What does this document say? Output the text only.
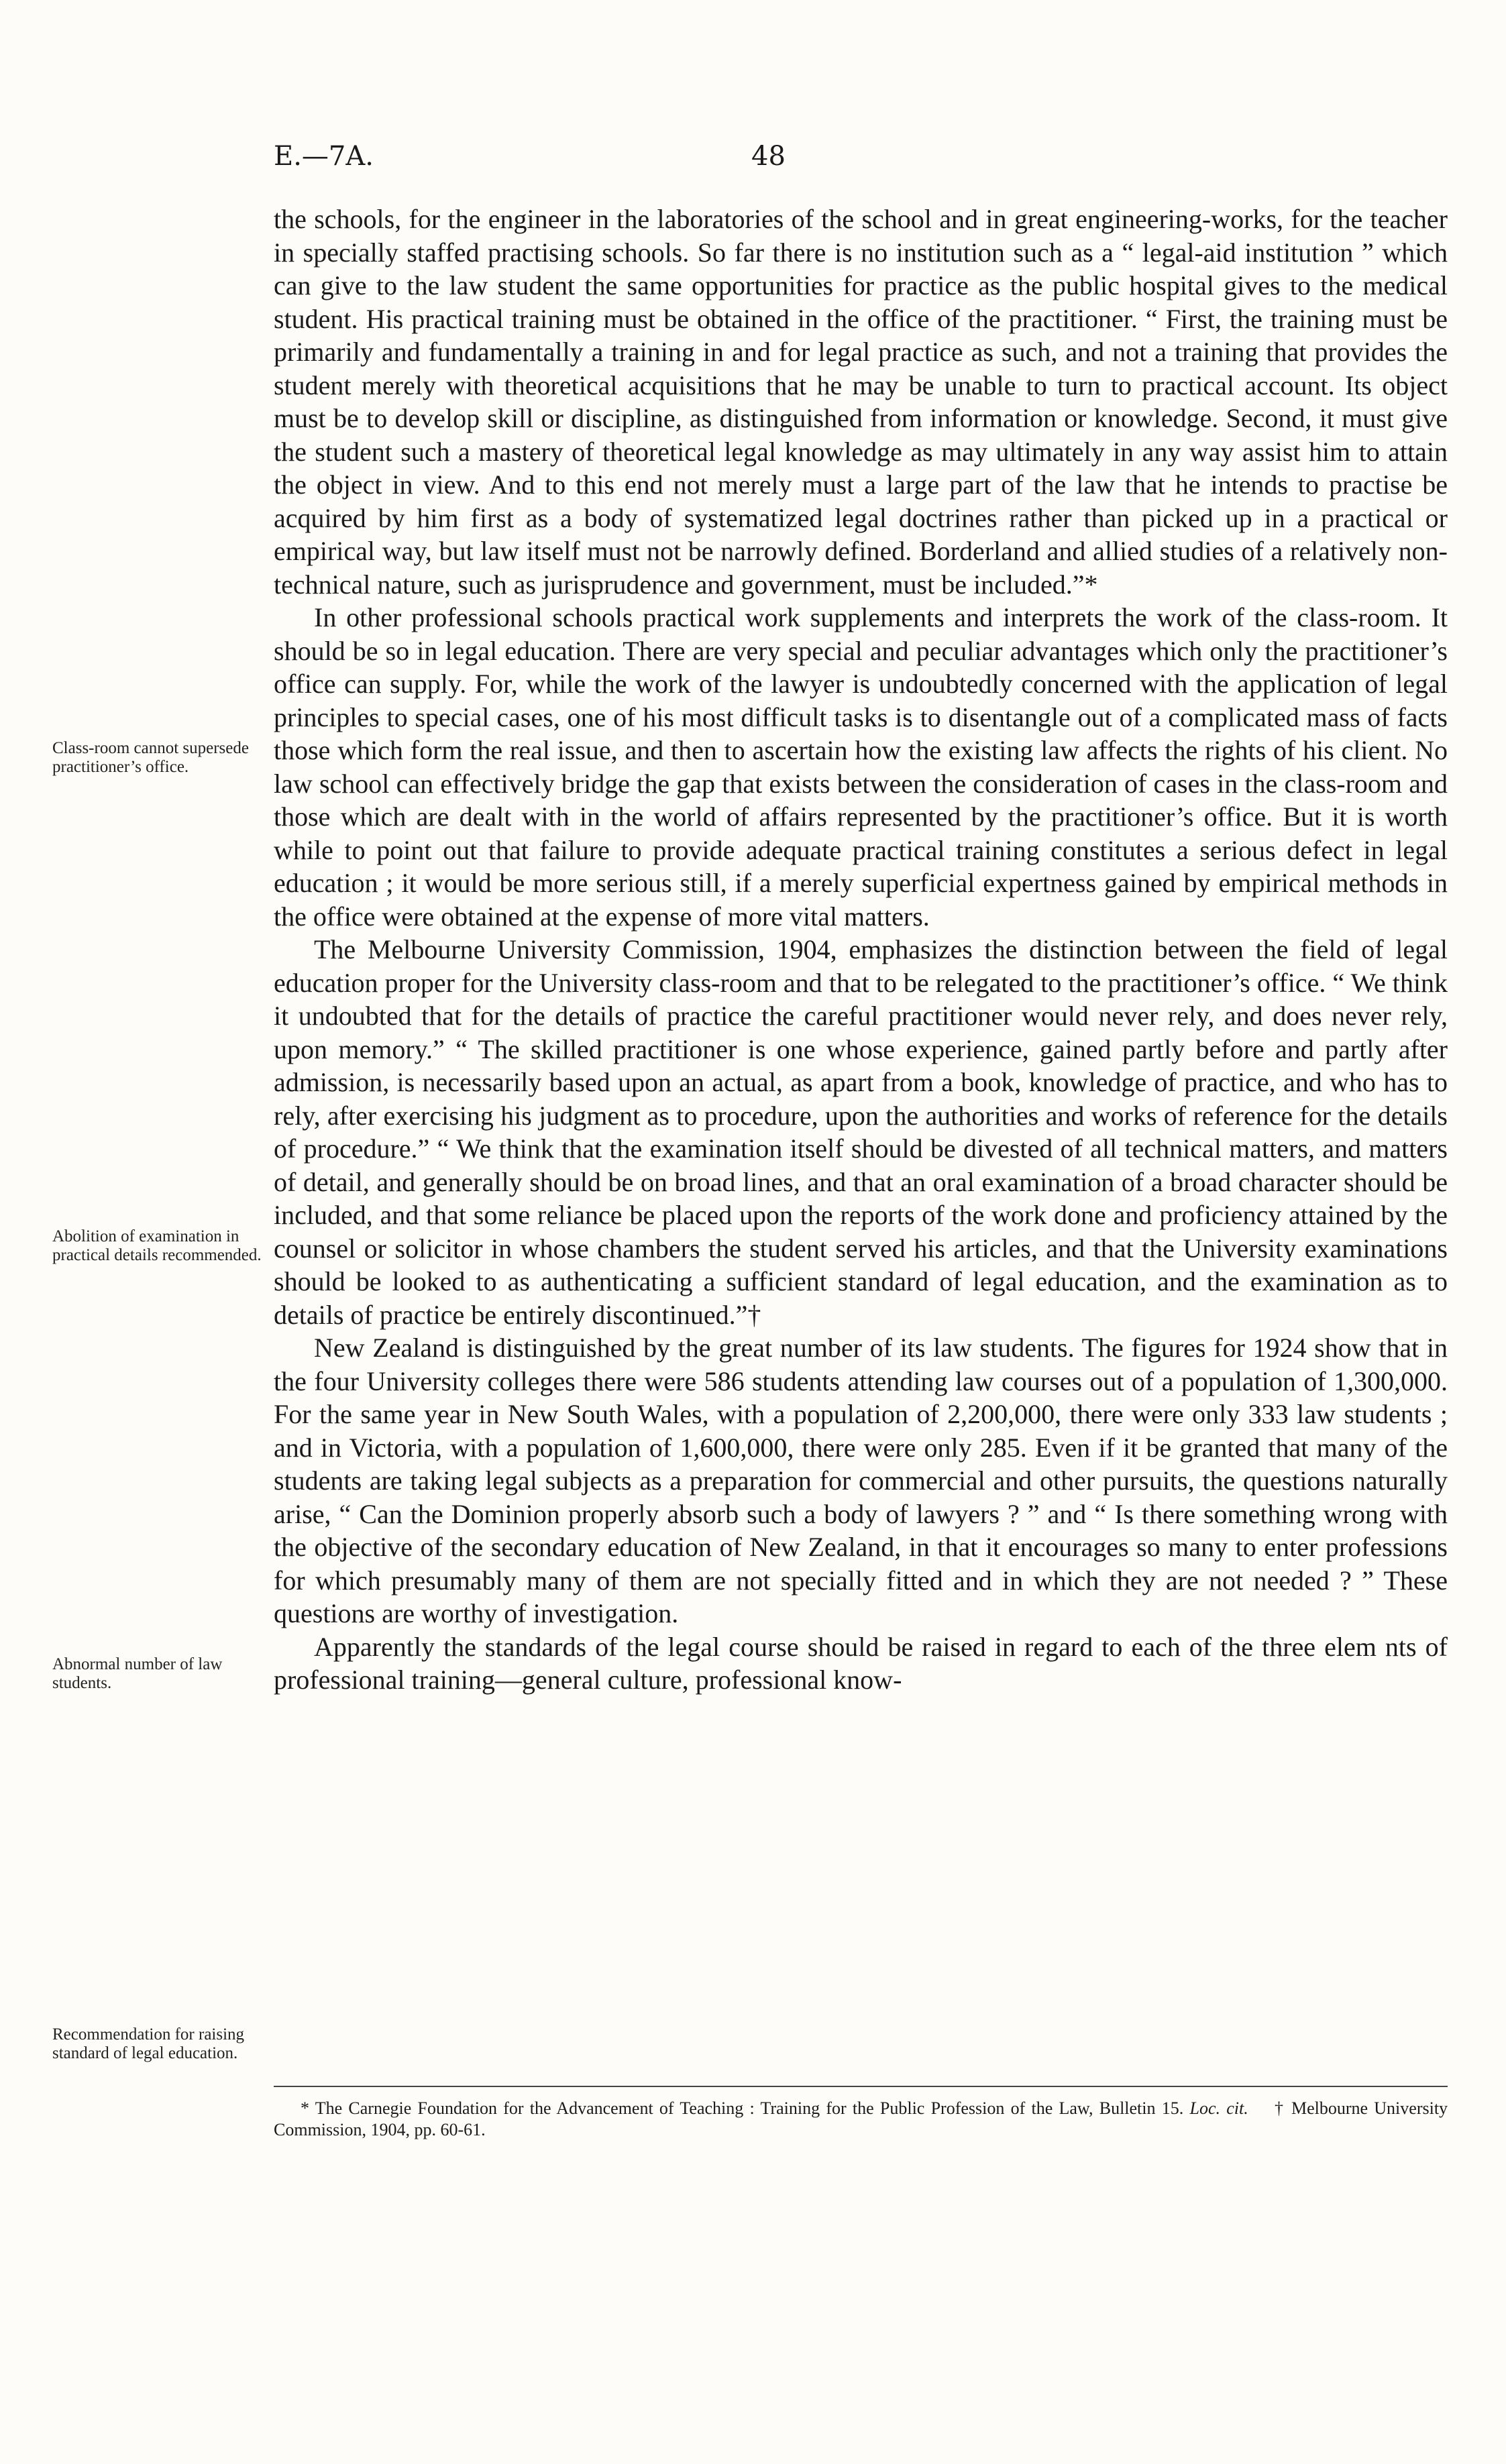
E.—7A.	48

the schools, for the engineer in the laboratories of the school and in great engineering-works, for the teacher in specially staffed practising schools. So far there is no institution such as a “ legal-aid institution ” which can give to the law student the same opportunities for practice as the public hospital gives to the medical student. His practical training must be obtained in the office of the practitioner. “ First, the training must be primarily and fundamentally a training in and for legal practice as such, and not a training that provides the student merely with theoretical acquisitions that he may be unable to turn to practical account. Its object must be to develop skill or discipline, as distinguished from information or knowledge. Second, it must give the student such a mastery of theoretical legal knowledge as may ultimately in any way assist him to attain the object in view. And to this end not merely must a large part of the law that he intends to practise be acquired by him first as a body of systematized legal doctrines rather than picked up in a practical or empirical way, but law itself must not be narrowly defined. Borderland and allied studies of a relatively non-technical nature, such as jurisprudence and government, must be included.”*

In other professional schools practical work supplements and interprets the work of the class-room. It should be so in legal education. There are very special and peculiar advantages which only the practitioner’s office can supply. For, while the work of the lawyer is undoubtedly concerned with the application of legal principles to special cases, one of his most difficult tasks is to disentangle out of a complicated mass of facts those which form the real issue, and then to ascertain how the existing law affects the rights of his client. No law school can effectively bridge the gap that exists between the consideration of cases in the class-room and those which are dealt with in the world of affairs represented by the practitioner’s office. But it is worth while to point out that failure to provide adequate practical training constitutes a serious defect in legal education ; it would be more serious still, if a merely superficial expertness gained by empirical methods in the office were obtained at the expense of more vital matters.

The Melbourne University Commission, 1904, emphasizes the distinction between the field of legal education proper for the University class-room and that to be relegated to the practitioner’s office. “ We think it undoubted that for the details of practice the careful practitioner would never rely, and does never rely, upon memory.” “ The skilled practitioner is one whose experience, gained partly before and partly after admission, is necessarily based upon an actual, as apart from a book, knowledge of practice, and who has to rely, after exercising his judgment as to procedure, upon the authorities and works of reference for the details of procedure.” “ We think that the examination itself should be divested of all technical matters, and matters of detail, and generally should be on broad lines, and that an oral examination of a broad character should be included, and that some reliance be placed upon the reports of the work done and proficiency attained by the counsel or solicitor in whose chambers the student served his articles, and that the University examinations should be looked to as authenticating a sufficient standard of legal education, and the examination as to details of practice be entirely discontinued.”†

New Zealand is distinguished by the great number of its law students. The figures for 1924 show that in the four University colleges there were 586 students attending law courses out of a population of 1,300,000. For the same year in New South Wales, with a population of 2,200,000, there were only 333 law students ; and in Victoria, with a population of 1,600,000, there were only 285. Even if it be granted that many of the students are taking legal subjects as a preparation for commercial and other pursuits, the questions naturally arise, “ Can the Dominion properly absorb such a body of lawyers ? ” and “ Is there something wrong with the objective of the secondary education of New Zealand, in that it encourages so many to enter professions for which presumably many of them are not specially fitted and in which they are not needed ? ” These questions are worthy of investigation.

Apparently the standards of the legal course should be raised in regard to each of the three elem nts of professional training—general culture, professional know-

Class-room cannot supersede practitioner’s office.
Abolition of examination in practical details recommended.
Abnormal number of law students.
Recommendation for raising standard of legal education.
* The Carnegie Foundation for the Advancement of Teaching : Training for the Public Profession of the Law, Bulletin 15. Loc. cit. † Melbourne University Commission, 1904, pp. 60-61.
